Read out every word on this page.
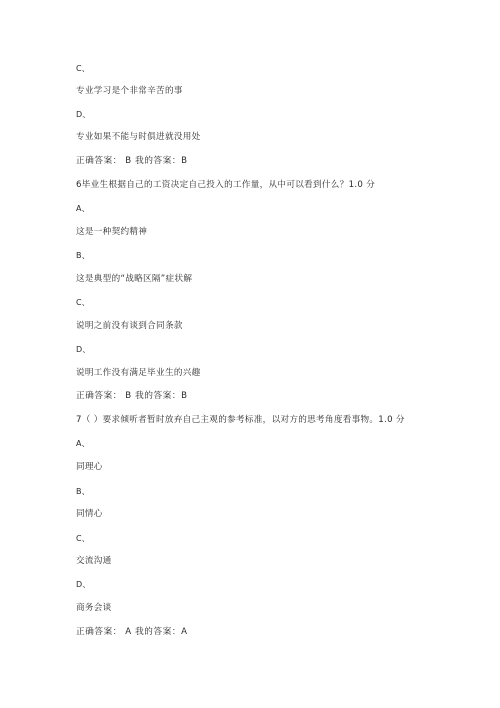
C、
专业学习是个非常辛苦的事
D、
专业如果不能与时俱进就没用处
正确答案： B 我的答案：B
6毕业生根据自己的工资决定自己投入的工作量，从中可以看到什么？1.0 分
A、
这是一种契约精神
B、
这是典型的“战略区隔”症状解
C、
说明之前没有谈到合同条款
D、
说明工作没有满足毕业生的兴趣
正确答案： B 我的答案：B
7（ ）要求倾听者暂时放弃自己主观的参考标准，以对方的思考角度看事物。1.0 分
A、
同理心
B、
同情心
C、
交流沟通
D、
商务会谈
正确答案： A 我的答案：A
